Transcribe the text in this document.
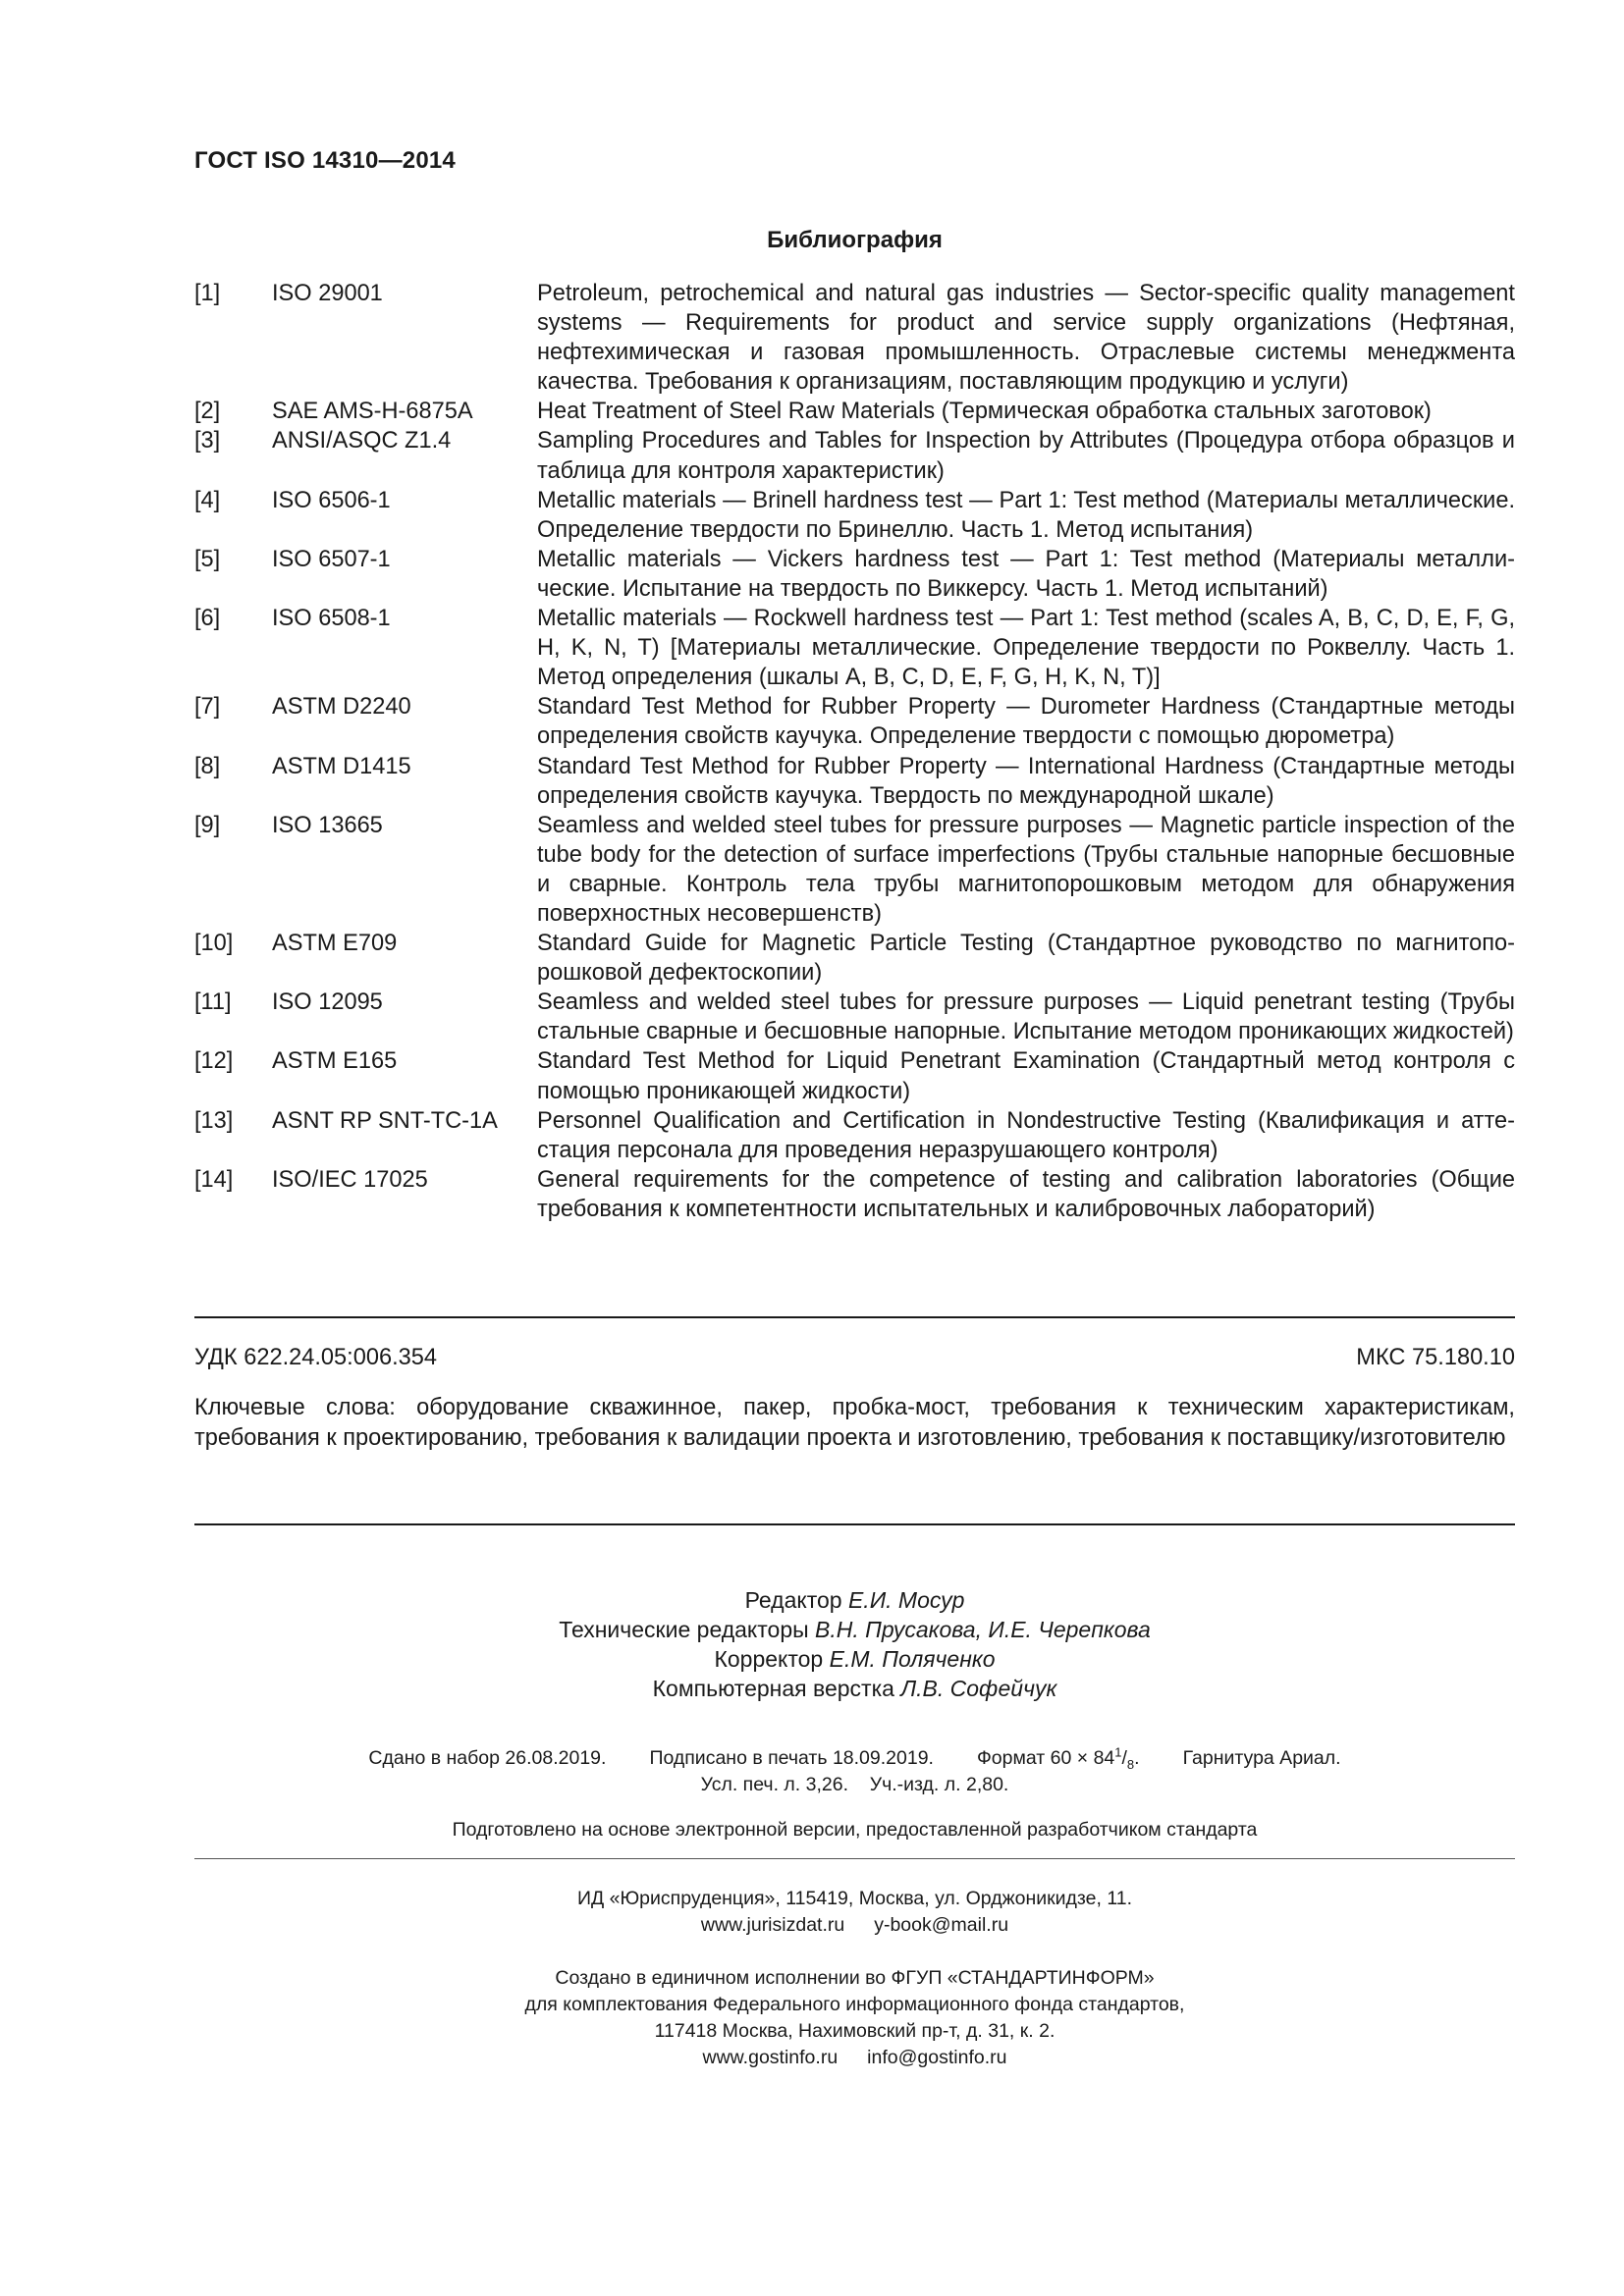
ГОСТ ISO 14310—2014
Библиография
[1]	ISO 29001	Petroleum, petrochemical and natural gas industries — Sector-specific quality management systems — Requirements for product and service supply organizations (Нефтяная, нефтехимическая и газовая промышленность. Отраслевые системы менеджмента качества. Требования к организациям, поставляющим продукцию и услуги)
[2]	SAE AMS-H-6875A	Heat Treatment of Steel Raw Materials (Термическая обработка стальных заготовок)
[3]	ANSI/ASQC Z1.4	Sampling Procedures and Tables for Inspection by Attributes (Процедура отбора образцов и таблица для контроля характеристик)
[4]	ISO 6506-1	Metallic materials — Brinell hardness test — Part 1: Test method (Материалы металлические. Определение твердости по Бринеллю. Часть 1. Метод испытания)
[5]	ISO 6507-1	Metallic materials — Vickers hardness test — Part 1: Test method (Материалы металлические. Испытание на твердость по Виккерсу. Часть 1. Метод испытаний)
[6]	ISO 6508-1	Metallic materials — Rockwell hardness test — Part 1: Test method (scales A, B, C, D, E, F, G, H, K, N, T) [Материалы металлические. Определение твердости по Роквеллу. Часть 1. Метод определения (шкалы A, B, C, D, E, F, G, H, K, N, T)]
[7]	ASTM D2240	Standard Test Method for Rubber Property — Durometer Hardness (Стандартные методы определения свойств каучука. Определение твердости с помощью дюрометра)
[8]	ASTM D1415	Standard Test Method for Rubber Property — International Hardness (Стандартные методы определения свойств каучука. Твердость по международной шкале)
[9]	ISO 13665	Seamless and welded steel tubes for pressure purposes — Magnetic particle inspection of the tube body for the detection of surface imperfections (Трубы стальные напорные бесшовные и сварные. Контроль тела трубы магнитопорошковым методом для обнаружения поверхностных несовершенств)
[10]	ASTM E709	Standard Guide for Magnetic Particle Testing (Стандартное руководство по магнитопорошковой дефектоскопии)
[11]	ISO 12095	Seamless and welded steel tubes for pressure purposes — Liquid penetrant testing (Трубы стальные сварные и бесшовные напорные. Испытание методом проникающих жидкостей)
[12]	ASTM E165	Standard Test Method for Liquid Penetrant Examination (Стандартный метод контроля с помощью проникающей жидкости)
[13]	ASNT RP SNT-TC-1A	Personnel Qualification and Certification in Nondestructive Testing (Квалификация и аттестация персонала для проведения неразрушающего контроля)
[14]	ISO/IEC 17025	General requirements for the competence of testing and calibration laboratories (Общие требования к компетентности испытательных и калибровочных лабораторий)
УДК 622.24.05:006.354	МКС 75.180.10
Ключевые слова: оборудование скважинное, пакер, пробка-мост, требования к техническим характеристикам, требования к проектированию, требования к валидации проекта и изготовлению, требования к поставщику/изготовителю
Редактор Е.И. Мосур
Технические редакторы В.Н. Прусакова, И.Е. Черепкова
Корректор Е.М. Поляченко
Компьютерная верстка Л.В. Софейчук
Сдано в набор 26.08.2019. Подписано в печать 18.09.2019. Формат $60 \times 84^1/_8$. Гарнитура Ариал.
Усл. печ. л. 3,26. Уч.-изд. л. 2,80.
Подготовлено на основе электронной версии, предоставленной разработчиком стандарта
ИД «Юриспруденция», 115419, Москва, ул. Орджоникидзе, 11.
www.jurisizdat.ru y-book@mail.ru
Создано в единичном исполнении во ФГУП «СТАНДАРТИНФОРМ»
для комплектования Федерального информационного фонда стандартов,
117418 Москва, Нахимовский пр-т, д. 31, к. 2.
www.gostinfo.ru info@gostinfo.ru
